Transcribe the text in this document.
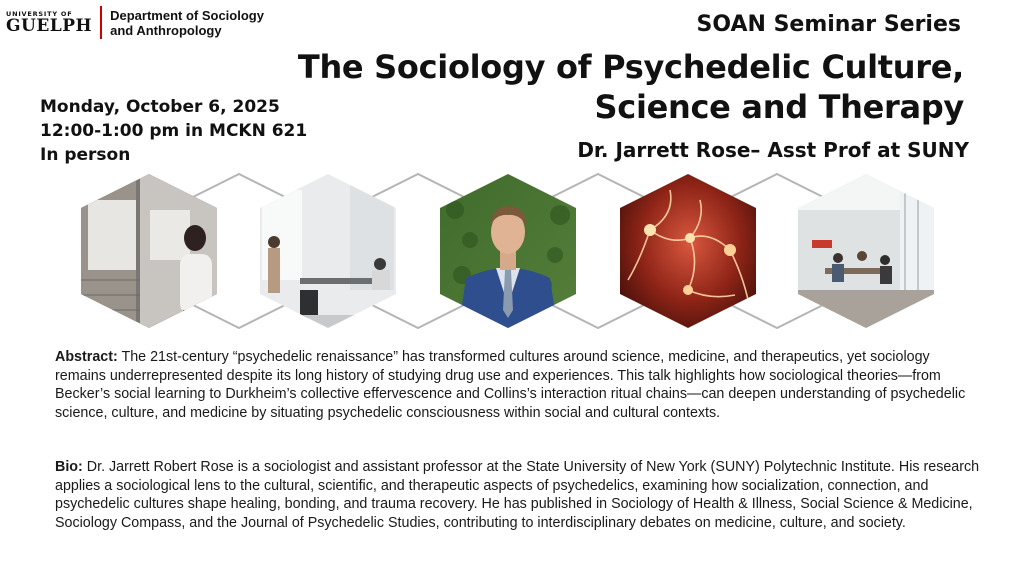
UNIVERSITY OF
GUELPH
Department of Sociology
and Anthropology	SOAN Seminar Series
The Sociology of Psychedelic Culture,
Science and Therapy
Dr. Jarrett Rose– Asst Prof at SUNY
Monday, October 6, 2025
12:00-1:00 pm in MCKN 621
In person
Abstract: The 21st-century “psychedelic renaissance” has transformed cultures around science, medicine, and therapeutics, yet sociology remains underrepresented despite its long history of studying drug use and experiences. This talk highlights how sociological theories—from Becker’s social learning to Durkheim’s collective effervescence and Collins’s interaction ritual chains—can deepen understanding of psychedelic science, culture, and medicine by situating psychedelic consciousness within social and cultural contexts.
Bio: Dr. Jarrett Robert Rose is a sociologist and assistant professor at the State University of New York (SUNY) Polytechnic Institute. His research applies a sociological lens to the cultural, scientific, and therapeutic aspects of psychedelics, examining how socialization, connection, and psychedelic cultures shape healing, bonding, and trauma recovery. He has published in Sociology of Health & Illness, Social Science & Medicine, Sociology Compass, and the Journal of Psychedelic Studies, contributing to interdisciplinary debates on medicine, culture, and society.
